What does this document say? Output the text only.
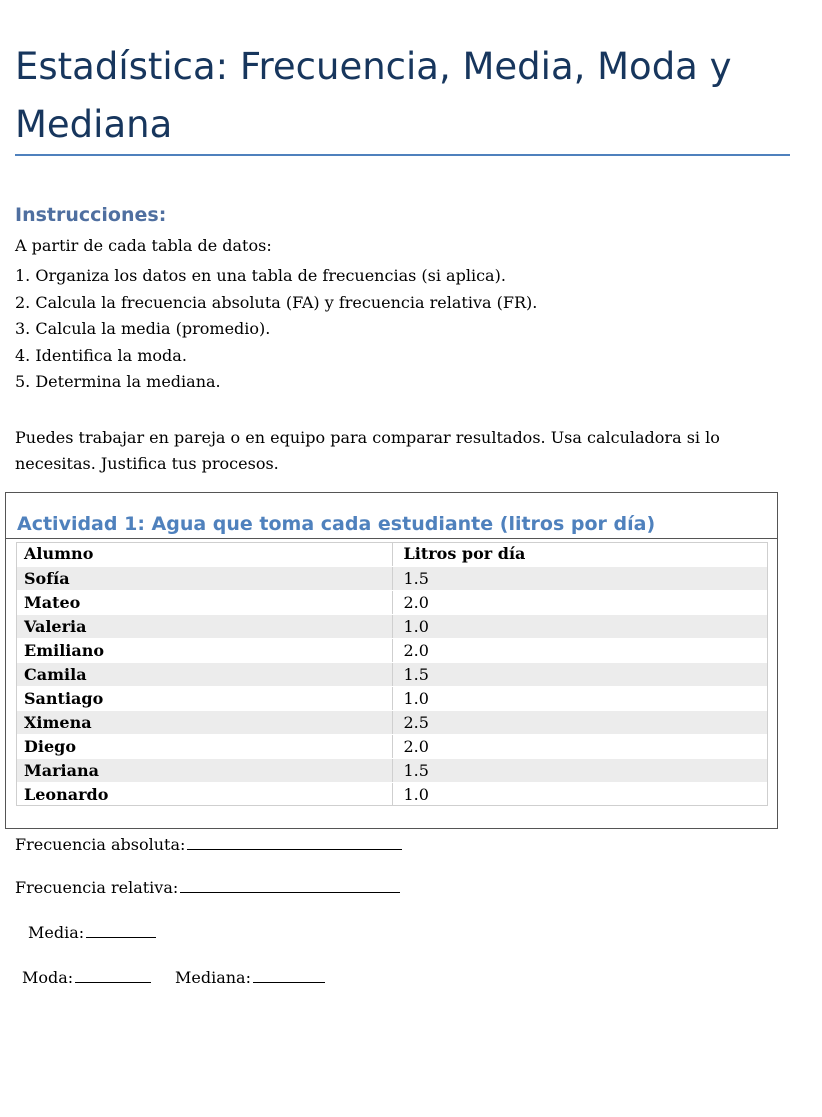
Estadística: Frecuencia, Media, Moda y Mediana
Instrucciones:
A partir de cada tabla de datos:
1. Organiza los datos en una tabla de frecuencias (si aplica).
2. Calcula la frecuencia absoluta (FA) y frecuencia relativa (FR).
3. Calcula la media (promedio).
4. Identifica la moda.
5. Determina la mediana.

Puedes trabajar en pareja o en equipo para comparar resultados. Usa calculadora si lo necesitas. Justifica tus procesos.

Actividad 1: Agua que toma cada estudiante (litros por día)
Alumno	Litros por día
Sofía	1.5
Mateo	2.0
Valeria	1.0
Emiliano	2.0
Camila	1.5
Santiago	1.0
Ximena	2.5
Diego	2.0
Mariana	1.5
Leonardo	1.0
Frecuencia absoluta:
Frecuencia relativa:
Media:
Moda:	Mediana:
